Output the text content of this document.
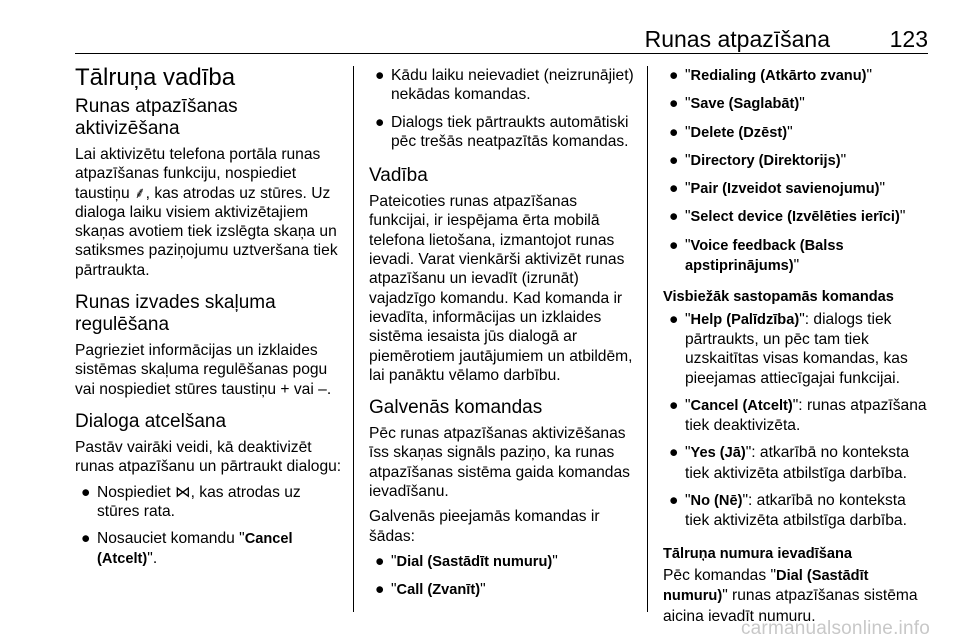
Runas atpazīšana	123
Tālruņa vadība
Runas atpazīšanas aktivizēšana

Lai aktivizētu telefona portāla runas atpazīšanas funkciju, nospiediet taustiņu ⸙, kas atrodas uz stūres. Uz dialoga laiku visiem aktivizētajiem skaņas avotiem tiek izslēgta skaņa un satiksmes paziņojumu uztveršana tiek pārtraukta.

Runas izvades skaļuma regulēšana

Pagrieziet informācijas un izklaides sistēmas skaļuma regulēšanas pogu vai nospiediet stūres taustiņu + vai –.

Dialoga atcelšana

Pastāv vairāki veidi, kā deaktivizēt runas atpazīšanu un pārtraukt dialogu:

● Nospiediet ⋈, kas atrodas uz stūres rata.
● Nosauciet komandu "Cancel (Atcelt)".
● Kādu laiku neievadiet (neizrunājiet) nekādas komandas.
● Dialogs tiek pārtraukts automātiski pēc trešās neatpazītās komandas.
Vadība

Pateicoties runas atpazīšanas funkcijai, ir iespējama ērta mobilā telefona lietošana, izmantojot runas ievadi. Varat vienkārši aktivizēt runas atpazīšanu un ievadīt (izrunāt) vajadzīgo komandu. Kad komanda ir ievadīta, informācijas un izklaides sistēma iesaista jūs dialogā ar piemērotiem jautājumiem un atbildēm, lai panāktu vēlamo darbību.

Galvenās komandas

Pēc runas atpazīšanas aktivizēšanas īss skaņas signāls paziņo, ka runas atpazīšanas sistēma gaida komandas ievadīšanu.

Galvenās pieejamās komandas ir šādas:

● "Dial (Sastādīt numuru)"
● "Call (Zvanīt)"
● "Redialing (Atkārto zvanu)"
● "Save (Saglabāt)"
● "Delete (Dzēst)"
● "Directory (Direktorijs)"
● "Pair (Izveidot savienojumu)"
● "Select device (Izvēlēties ierīci)"
● "Voice feedback (Balss apstiprinājums)"
Visbiežāk sastopamās komandas
● "Help (Palīdzība)": dialogs tiek pārtraukts, un pēc tam tiek uzskaitītas visas komandas, kas pieejamas attiecīgajai funkcijai.
● "Cancel (Atcelt)": runas atpazīšana tiek deaktivizēta.
● "Yes (Jā)": atkarībā no konteksta tiek aktivizēta atbilstīga darbība.
● "No (Nē)": atkarībā no konteksta tiek aktivizēta atbilstīga darbība.
Tālruņa numura ievadīšana

Pēc komandas "Dial (Sastādīt numuru)" runas atpazīšanas sistēma aicina ievadīt numuru.

carmanualsonline.info
